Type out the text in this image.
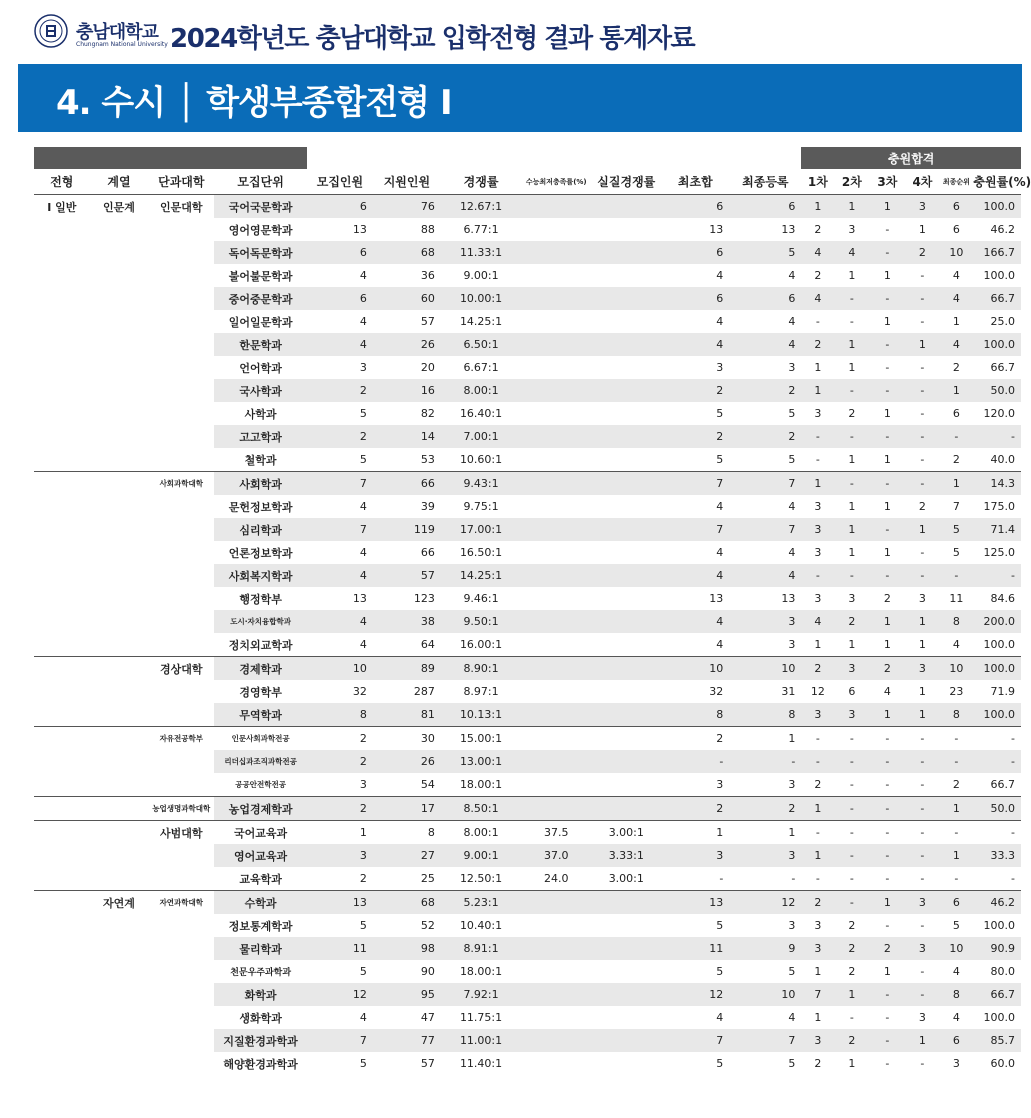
충남대학교
Chungnam National University 2024학년도 충남대학교 입학전형 결과 통계자료
4. 수시 │ 학생부종합전형 Ⅰ
											충원합격					
전형	계열	단과대학	모집단위	모집인원	지원인원	경쟁률	수능최저충족률(%)	실질경쟁률	최초합	최종등록	1차	2차	3차	4차	최종순위	충원률(%)
Ⅰ 일반	인문계	인문대학	국어국문학과	6	76	12.67:1			6	6	1	1	1	3	6	100.0
			영어영문학과	13	88	6.77:1			13	13	2	3	-	1	6	46.2
			독어독문학과	6	68	11.33:1			6	5	4	4	-	2	10	166.7
			불어불문학과	4	36	9.00:1			4	4	2	1	1	-	4	100.0
			중어중문학과	6	60	10.00:1			6	6	4	-	-	-	4	66.7
			일어일문학과	4	57	14.25:1			4	4	-	-	1	-	1	25.0
			한문학과	4	26	6.50:1			4	4	2	1	-	1	4	100.0
			언어학과	3	20	6.67:1			3	3	1	1	-	-	2	66.7
			국사학과	2	16	8.00:1			2	2	1	-	-	-	1	50.0
			사학과	5	82	16.40:1			5	5	3	2	1	-	6	120.0
			고고학과	2	14	7.00:1			2	2	-	-	-	-	-	-
			철학과	5	53	10.60:1			5	5	-	1	1	-	2	40.0
		사회과학대학	사회학과	7	66	9.43:1			7	7	1	-	-	-	1	14.3
			문헌정보학과	4	39	9.75:1			4	4	3	1	1	2	7	175.0
			심리학과	7	119	17.00:1			7	7	3	1	-	1	5	71.4
			언론정보학과	4	66	16.50:1			4	4	3	1	1	-	5	125.0
			사회복지학과	4	57	14.25:1			4	4	-	-	-	-	-	-
			행정학부	13	123	9.46:1			13	13	3	3	2	3	11	84.6
			도시·자치융합학과	4	38	9.50:1			4	3	4	2	1	1	8	200.0
			정치외교학과	4	64	16.00:1			4	3	1	1	1	1	4	100.0
		경상대학	경제학과	10	89	8.90:1			10	10	2	3	2	3	10	100.0
			경영학부	32	287	8.97:1			32	31	12	6	4	1	23	71.9
			무역학과	8	81	10.13:1			8	8	3	3	1	1	8	100.0
		자유전공학부	인문사회과학전공	2	30	15.00:1			2	1	-	-	-	-	-	-
			리더십과조직과학전공	2	26	13.00:1			-	-	-	-	-	-	-	-
			공공안전학전공	3	54	18.00:1			3	3	2	-	-	-	2	66.7
		농업생명과학대학	농업경제학과	2	17	8.50:1			2	2	1	-	-	-	1	50.0
		사범대학	국어교육과	1	8	8.00:1	37.5	3.00:1	1	1	-	-	-	-	-	-
			영어교육과	3	27	9.00:1	37.0	3.33:1	3	3	1	-	-	-	1	33.3
			교육학과	2	25	12.50:1	24.0	3.00:1	-	-	-	-	-	-	-	-
	자연계	자연과학대학	수학과	13	68	5.23:1			13	12	2	-	1	3	6	46.2
			정보통계학과	5	52	10.40:1			5	3	3	2	-	-	5	100.0
			물리학과	11	98	8.91:1			11	9	3	2	2	3	10	90.9
			천문우주과학과	5	90	18.00:1			5	5	1	2	1	-	4	80.0
			화학과	12	95	7.92:1			12	10	7	1	-	-	8	66.7
			생화학과	4	47	11.75:1			4	4	1	-	-	3	4	100.0
			지질환경과학과	7	77	11.00:1			7	7	3	2	-	1	6	85.7
			해양환경과학과	5	57	11.40:1			5	5	2	1	-	-	3	60.0
